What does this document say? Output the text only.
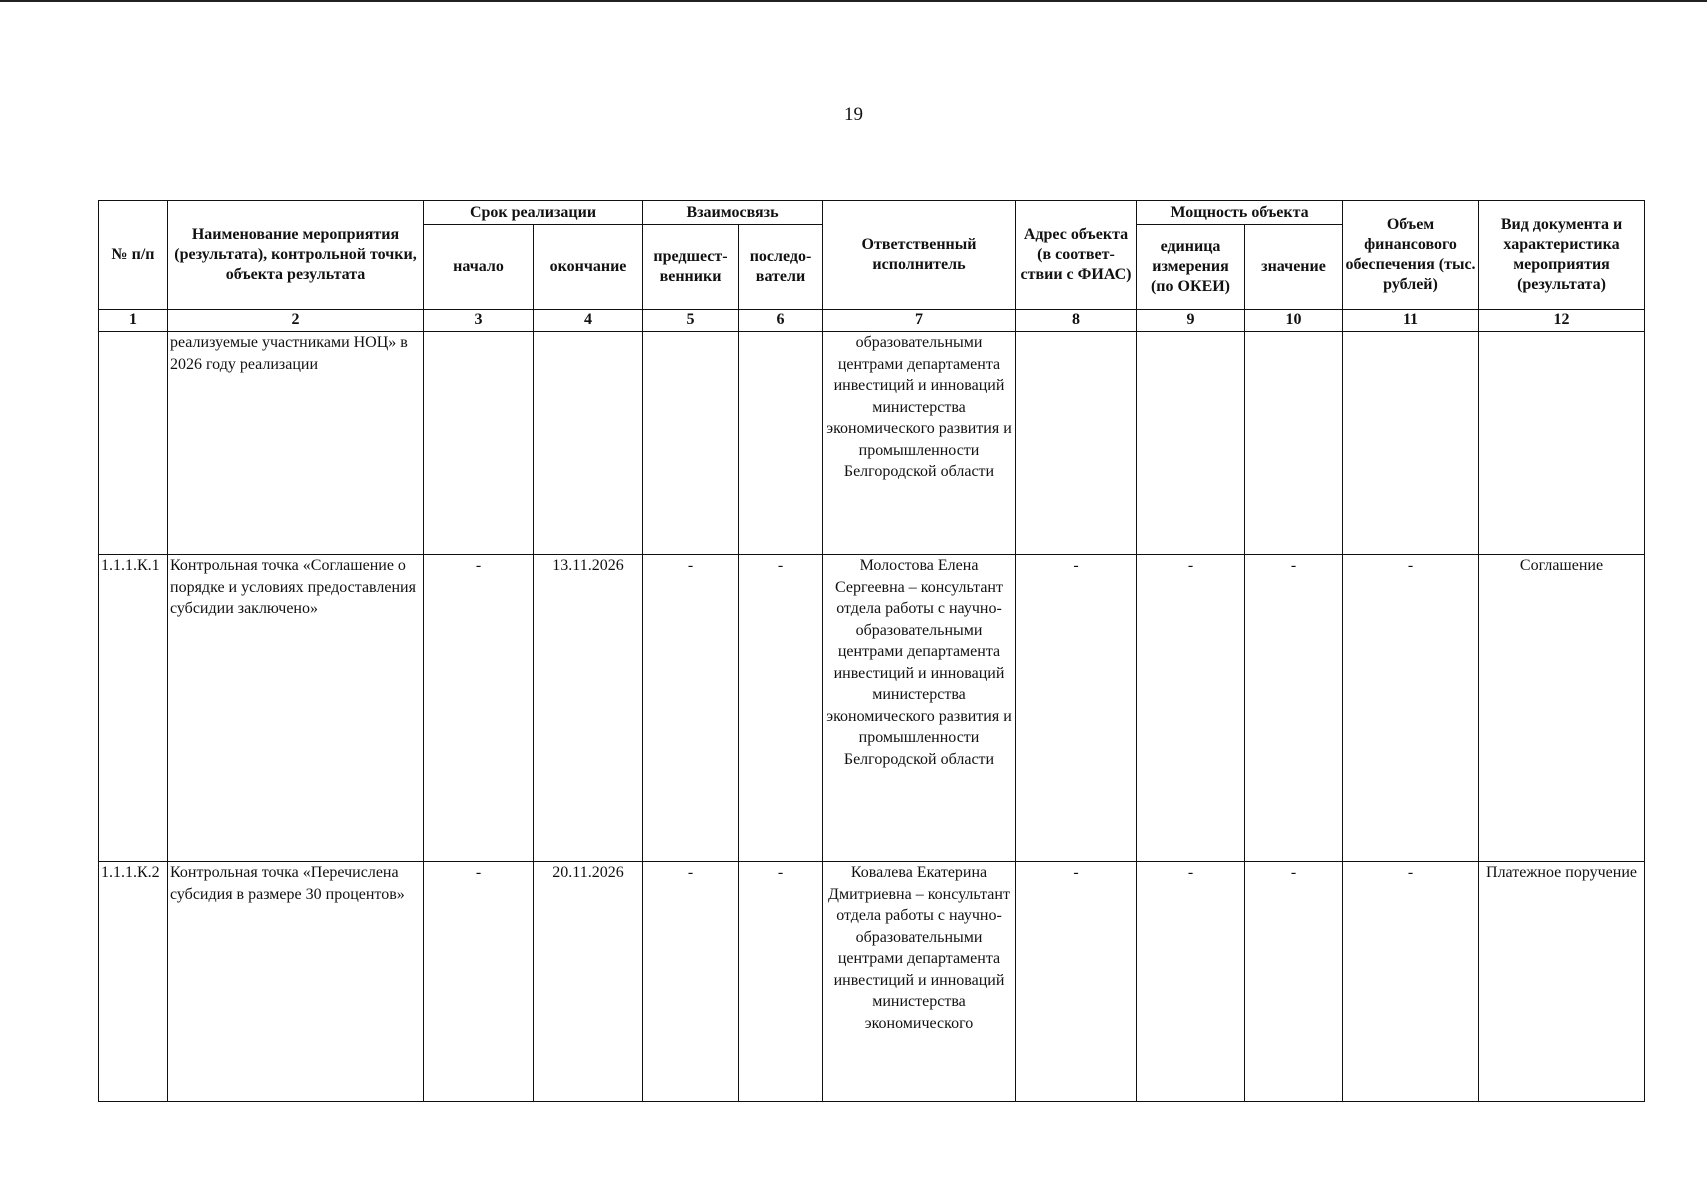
19
№ п/п	Наименование мероприятия (результата), контрольной точки, объекта результата	Срок реализации		Взаимосвязь		Ответственный исполнитель	Адрес объекта (в соответ-ствии с ФИАС)	Мощность объекта		Объем финансового обеспечения (тыс. рублей)	Вид документа и характеристика мероприятия (результата)
		начало	окончание	предшест-венники	последо-ватели			единица измерения (по ОКЕИ)	значение		
1	2	3	4	5	6	7	8	9	10	11	12
	реализуемые участниками НОЦ» в 2026 году реализации					образовательными центрами департамента инвестиций и инноваций министерства экономического развития и промышленности Белгородской области					
1.1.1.К.1	Контрольная точка «Соглашение о порядке и условиях предоставления субсидии заключено»	-	13.11.2026	-	-	Молостова Елена Сергеевна – консультант отдела работы с научно-образовательными центрами департамента инвестиций и инноваций министерства экономического развития и промышленности Белгородской области	-	-	-	-	Соглашение
1.1.1.К.2	Контрольная точка «Перечислена субсидия в размере 30 процентов»	-	20.11.2026	-	-	Ковалева Екатерина Дмитриевна – консультант отдела работы с научно-образовательными центрами департамента инвестиций и инноваций министерства экономического	-	-	-	-	Платежное поручение
